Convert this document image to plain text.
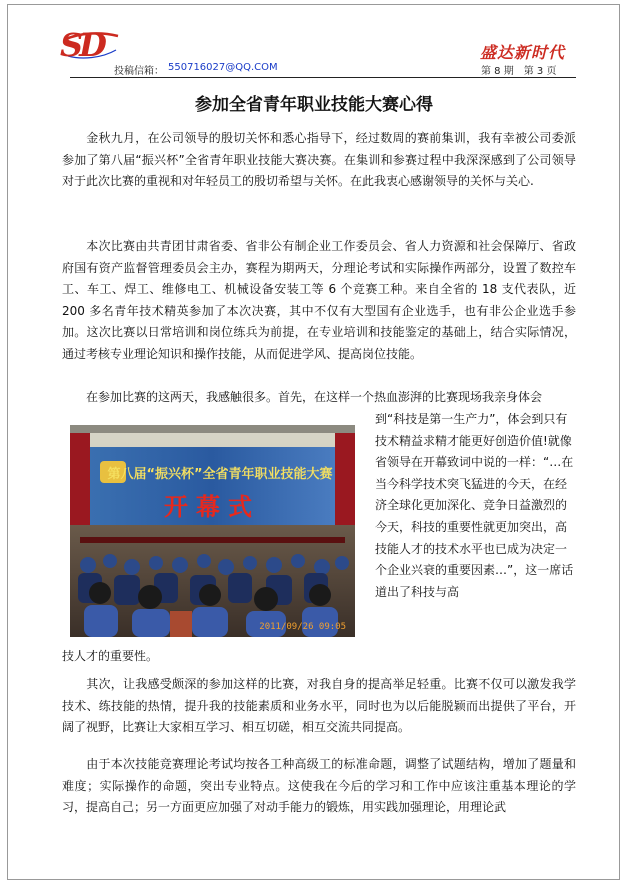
SD
投稿信箱： 550716027@QQ.COM
盛达新时代
第 8 期 第 3 页
参加全省青年职业技能大赛心得
金秋九月，在公司领导的殷切关怀和悉心指导下，经过数周的赛前集训，我有幸被公司委派参加了第八届“振兴杯”全省青年职业技能大赛决赛。在集训和参赛过程中我深深感到了公司领导对于此次比赛的重视和对年轻员工的殷切希望与关怀。在此我衷心感谢领导的关怀与关心.
本次比赛由共青团甘肃省委、省非公有制企业工作委员会、省人力资源和社会保障厅、省政府国有资产监督管理委员会主办，赛程为期两天，分理论考试和实际操作两部分，设置了数控车工、车工、焊工、维修电工、机械设备安装工等 6 个竞赛工种。来自全省的 18 支代表队，近 200 多名青年技术精英参加了本次决赛，其中不仅有大型国有企业选手，也有非公企业选手参加。这次比赛以日常培训和岗位练兵为前提，在专业培训和技能鉴定的基础上，结合实际情况，通过考核专业理论知识和操作技能，从而促进学风、提高岗位技能。
在参加比赛的这两天，我感触很多。首先，在这样一个热血澎湃的比赛现场我亲身体会
第八届“振兴杯”全省青年职业技能大赛
开幕式
2011/09/26 09:05
到“科技是第一生产力”，体会到只有技术精益求精才能更好创造价值!就像省领导在开幕致词中说的一样：“…在当今科学技术突飞猛进的今天，在经济全球化更加深化、竞争日益激烈的今天，科技的重要性就更加突出，高技能人才的技术水平也已成为决定一个企业兴衰的重要因素…”，这一席话道出了科技与高
技人才的重要性。
其次，让我感受颇深的参加这样的比赛，对我自身的提高举足轻重。比赛不仅可以激发我学技术、练技能的热情，提升我的技能素质和业务水平，同时也为以后能脱颖而出提供了平台，开阔了视野，比赛让大家相互学习、相互切磋，相互交流共同提高。
由于本次技能竞赛理论考试均按各工种高级工的标准命题，调整了试题结构，增加了题量和难度；实际操作的命题，突出专业特点。这使我在今后的学习和工作中应该注重基本理论的学习，提高自己；另一方面更应加强了对动手能力的锻炼，用实践加强理论，用理论武
